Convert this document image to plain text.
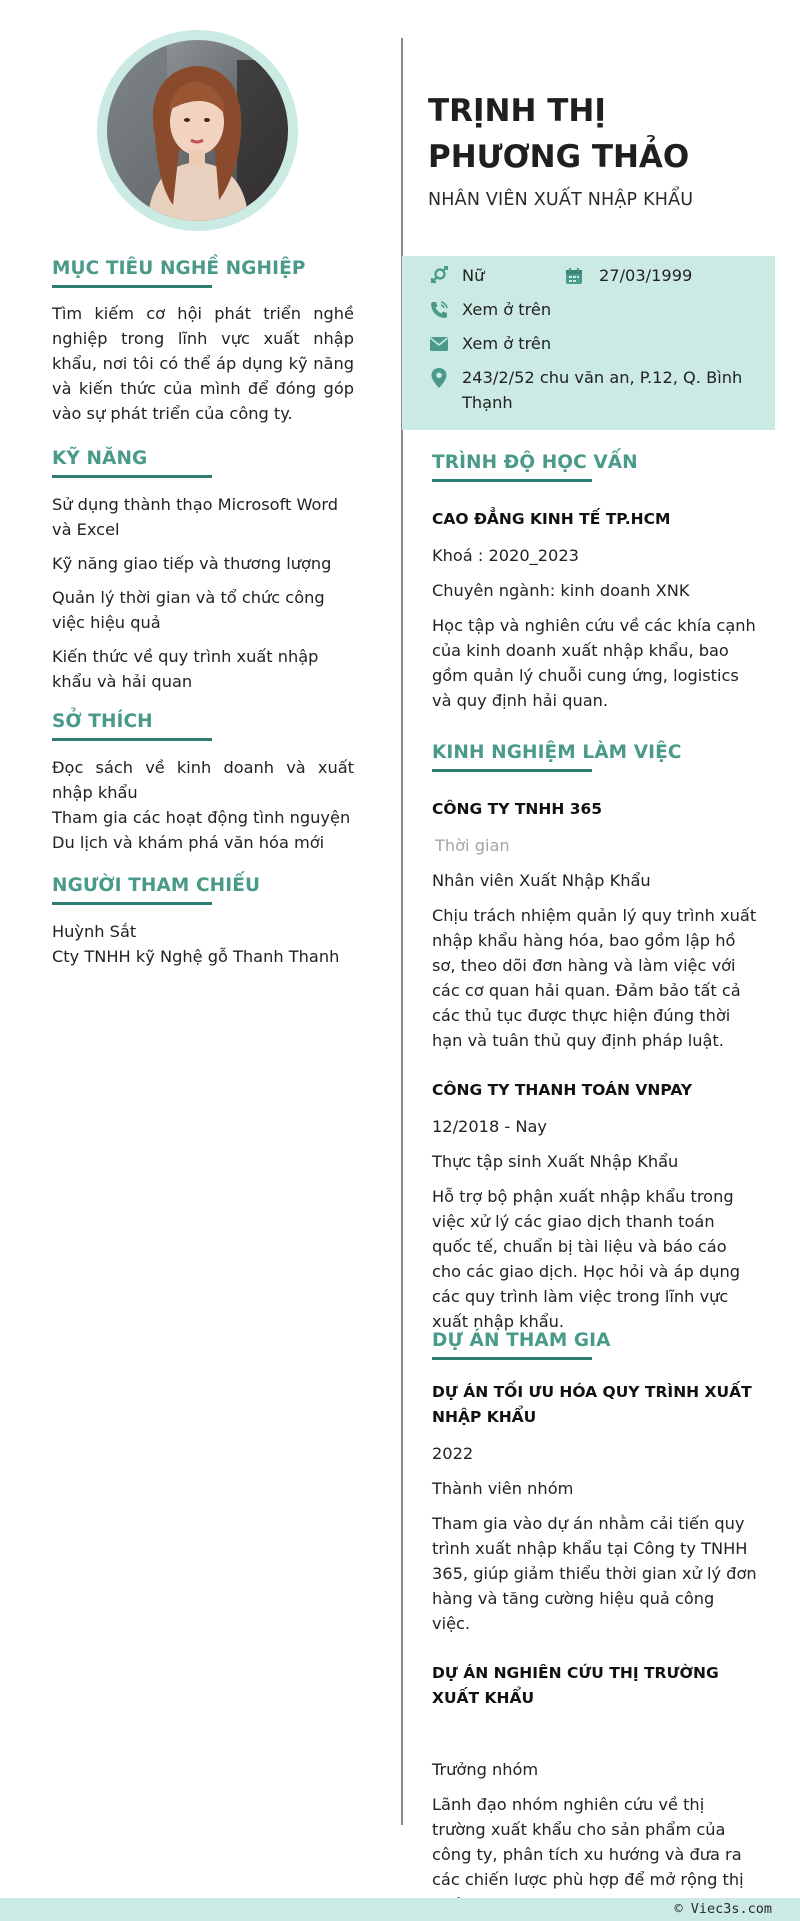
MỤC TIÊU NGHỀ NGHIỆP
Tìm kiếm cơ hội phát triển nghề nghiệp trong lĩnh vực xuất nhập khẩu, nơi tôi có thể áp dụng kỹ năng và kiến thức của mình để đóng góp vào sự phát triển của công ty.
KỸ NĂNG
Sử dụng thành thạo Microsoft Word và Excel
Kỹ năng giao tiếp và thương lượng
Quản lý thời gian và tổ chức công việc hiệu quả
Kiến thức về quy trình xuất nhập khẩu và hải quan
SỞ THÍCH
Đọc sách về kinh doanh và xuất nhập khẩu
Tham gia các hoạt động tình nguyện
Du lịch và khám phá văn hóa mới
NGƯỜI THAM CHIẾU
Huỳnh Sắt
Cty TNHH kỹ Nghệ gỗ Thanh Thanh
TRỊNH THỊ PHƯƠNG THẢO
NHÂN VIÊN XUẤT NHẬP KHẨU
Nữ	27/03/1999
Xem ở trên
Xem ở trên
243/2/52 chu văn an, P.12, Q. Bình Thạnh
TRÌNH ĐỘ HỌC VẤN
CAO ĐẲNG KINH TẾ TP.HCM
Khoá : 2020_2023
Chuyên ngành: kinh doanh XNK
Học tập và nghiên cứu về các khía cạnh của kinh doanh xuất nhập khẩu, bao gồm quản lý chuỗi cung ứng, logistics và quy định hải quan.
KINH NGHIỆM LÀM VIỆC
CÔNG TY TNHH 365
Thời gian
Nhân viên Xuất Nhập Khẩu
Chịu trách nhiệm quản lý quy trình xuất nhập khẩu hàng hóa, bao gồm lập hồ sơ, theo dõi đơn hàng và làm việc với các cơ quan hải quan. Đảm bảo tất cả các thủ tục được thực hiện đúng thời hạn và tuân thủ quy định pháp luật.
CÔNG TY THANH TOÁN VNPAY
12/2018 - Nay
Thực tập sinh Xuất Nhập Khẩu
Hỗ trợ bộ phận xuất nhập khẩu trong việc xử lý các giao dịch thanh toán quốc tế, chuẩn bị tài liệu và báo cáo cho các giao dịch. Học hỏi và áp dụng các quy trình làm việc trong lĩnh vực xuất nhập khẩu.
DỰ ÁN THAM GIA
DỰ ÁN TỐI ƯU HÓA QUY TRÌNH XUẤT NHẬP KHẨU
2022
Thành viên nhóm
Tham gia vào dự án nhằm cải tiến quy trình xuất nhập khẩu tại Công ty TNHH 365, giúp giảm thiểu thời gian xử lý đơn hàng và tăng cường hiệu quả công việc.
DỰ ÁN NGHIÊN CỨU THỊ TRƯỜNG XUẤT KHẨU
Trưởng nhóm
Lãnh đạo nhóm nghiên cứu về thị trường xuất khẩu cho sản phẩm của công ty, phân tích xu hướng và đưa ra các chiến lược phù hợp để mở rộng thị
© Viec3s.com
